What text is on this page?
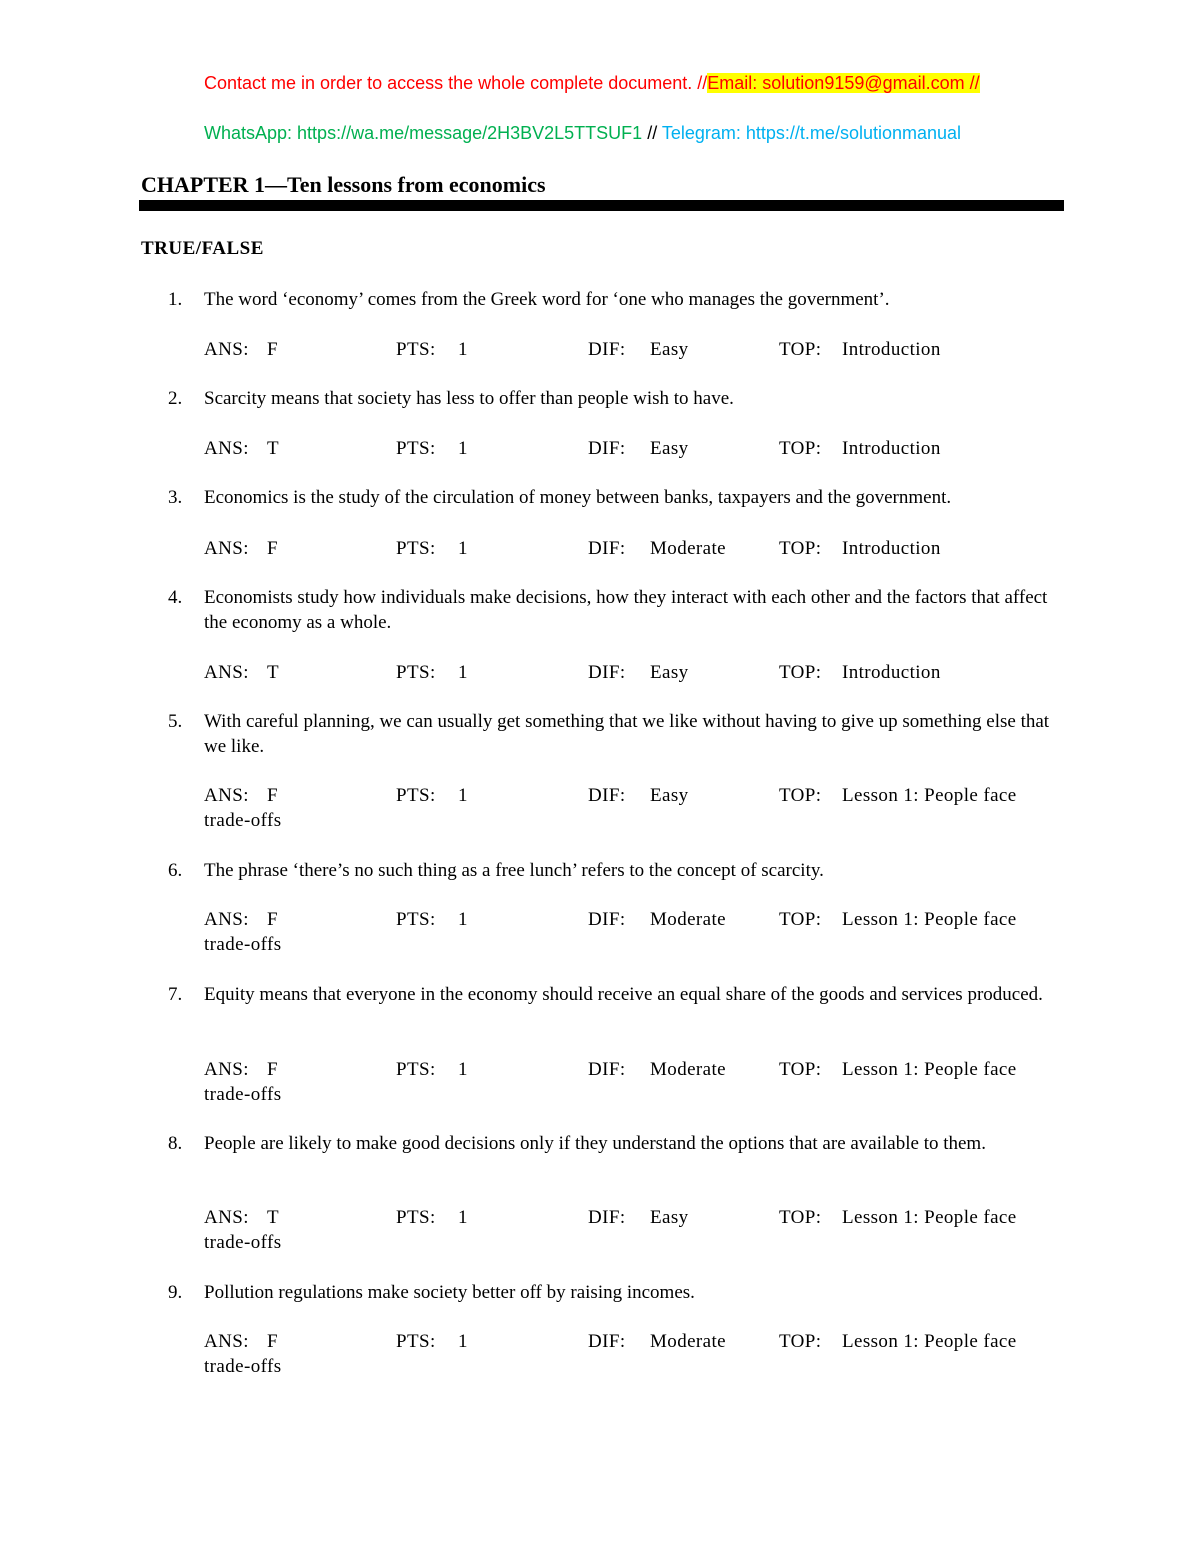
Contact me in order to access the whole complete document. //Email: solution9159@gmail.com //
WhatsApp: https://wa.me/message/2H3BV2L5TTSUF1 // Telegram: https://t.me/solutionmanual
CHAPTER 1—Ten lessons from economics
TRUE/FALSE
1. The word ‘economy’ comes from the Greek word for ‘one who manages the government’.
ANS: F	PTS: 1	DIF: Easy	TOP: Introduction
2. Scarcity means that society has less to offer than people wish to have.
ANS: T	PTS: 1	DIF: Easy	TOP: Introduction
3. Economics is the study of the circulation of money between banks, taxpayers and the government.
ANS: F	PTS: 1	DIF: Moderate	TOP: Introduction
4. Economists study how individuals make decisions, how they interact with each other and the factors that affect the economy as a whole.
ANS: T	PTS: 1	DIF: Easy	TOP: Introduction
5. With careful planning, we can usually get something that we like without having to give up something else that we like.
ANS: F	PTS: 1	DIF: Easy	TOP: Lesson 1: People face
trade-offs
6. The phrase ‘there’s no such thing as a free lunch’ refers to the concept of scarcity.
ANS: F	PTS: 1	DIF: Moderate	TOP: Lesson 1: People face
trade-offs
7. Equity means that everyone in the economy should receive an equal share of the goods and services produced.
ANS: F	PTS: 1	DIF: Moderate	TOP: Lesson 1: People face
trade-offs
8. People are likely to make good decisions only if they understand the options that are available to them.
ANS: T	PTS: 1	DIF: Easy	TOP: Lesson 1: People face
trade-offs
9. Pollution regulations make society better off by raising incomes.
ANS: F	PTS: 1	DIF: Moderate	TOP: Lesson 1: People face
trade-offs
